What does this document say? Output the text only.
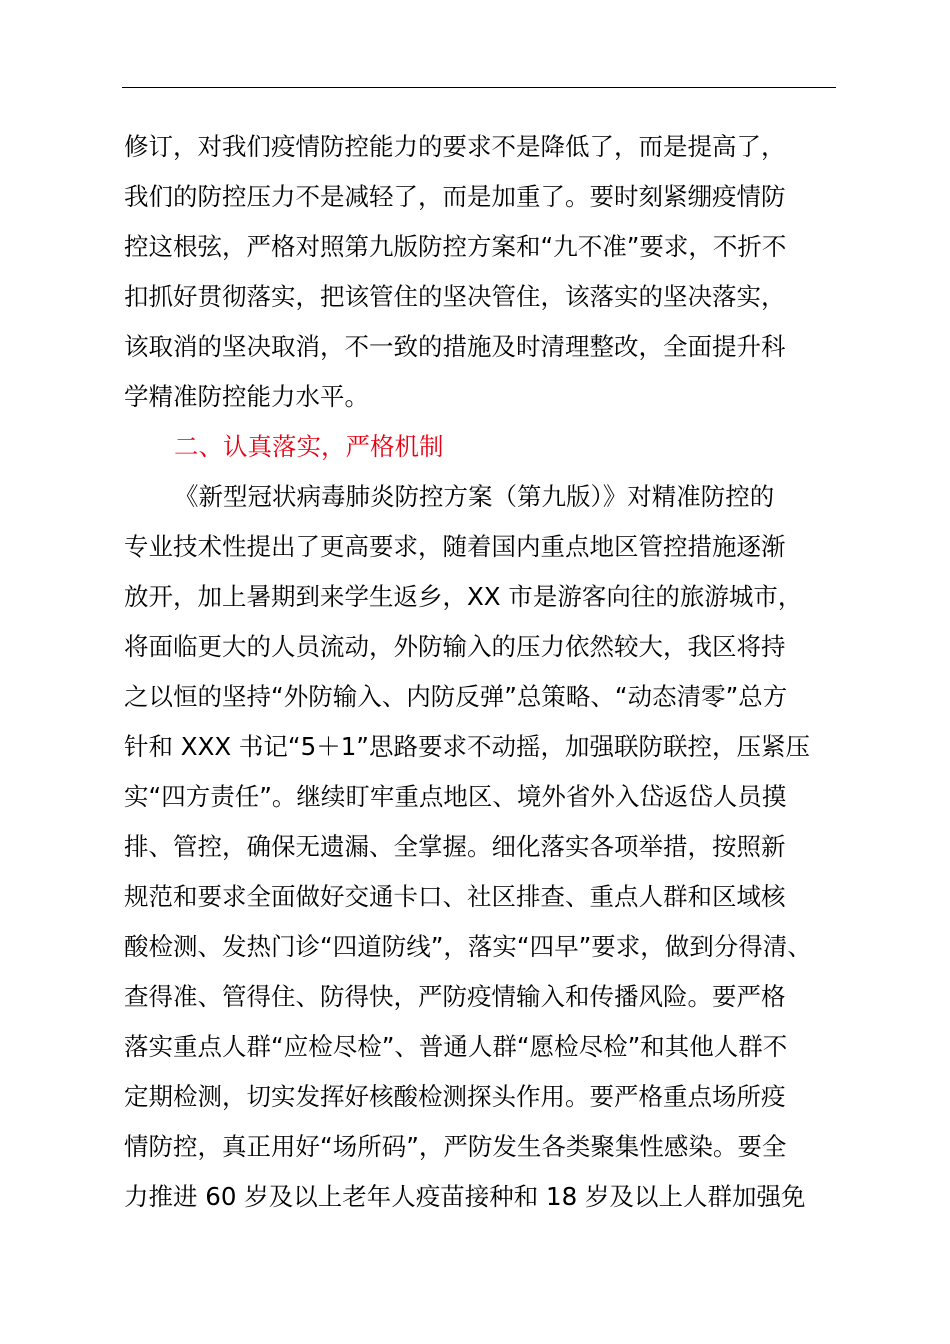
修订，对我们疫情防控能力的要求不是降低了，而是提高了，
我们的防控压力不是减轻了，而是加重了。要时刻紧绷疫情防
控这根弦，严格对照第九版防控方案和“九不准”要求，不折不
扣抓好贯彻落实，把该管住的坚决管住，该落实的坚决落实，
该取消的坚决取消，不一致的措施及时清理整改，全面提升科
学精准防控能力水平。
二、认真落实，严格机制
《新型冠状病毒肺炎防控方案（第九版）》对精准防控的
专业技术性提出了更高要求，随着国内重点地区管控措施逐渐
放开，加上暑期到来学生返乡，XX 市是游客向往的旅游城市，
将面临更大的人员流动，外防输入的压力依然较大，我区将持
之以恒的坚持“外防输入、内防反弹”总策略、“动态清零”总方
针和 XXX 书记“5＋1”思路要求不动摇，加强联防联控，压紧压
实“四方责任”。继续盯牢重点地区、境外省外入岱返岱人员摸
排、管控，确保无遗漏、全掌握。细化落实各项举措，按照新
规范和要求全面做好交通卡口、社区排查、重点人群和区域核
酸检测、发热门诊“四道防线”，落实“四早”要求，做到分得清、
查得准、管得住、防得快，严防疫情输入和传播风险。要严格
落实重点人群“应检尽检”、普通人群“愿检尽检”和其他人群不
定期检测，切实发挥好核酸检测探头作用。要严格重点场所疫
情防控，真正用好“场所码”，严防发生各类聚集性感染。要全
力推进 60 岁及以上老年人疫苗接种和 18 岁及以上人群加强免
